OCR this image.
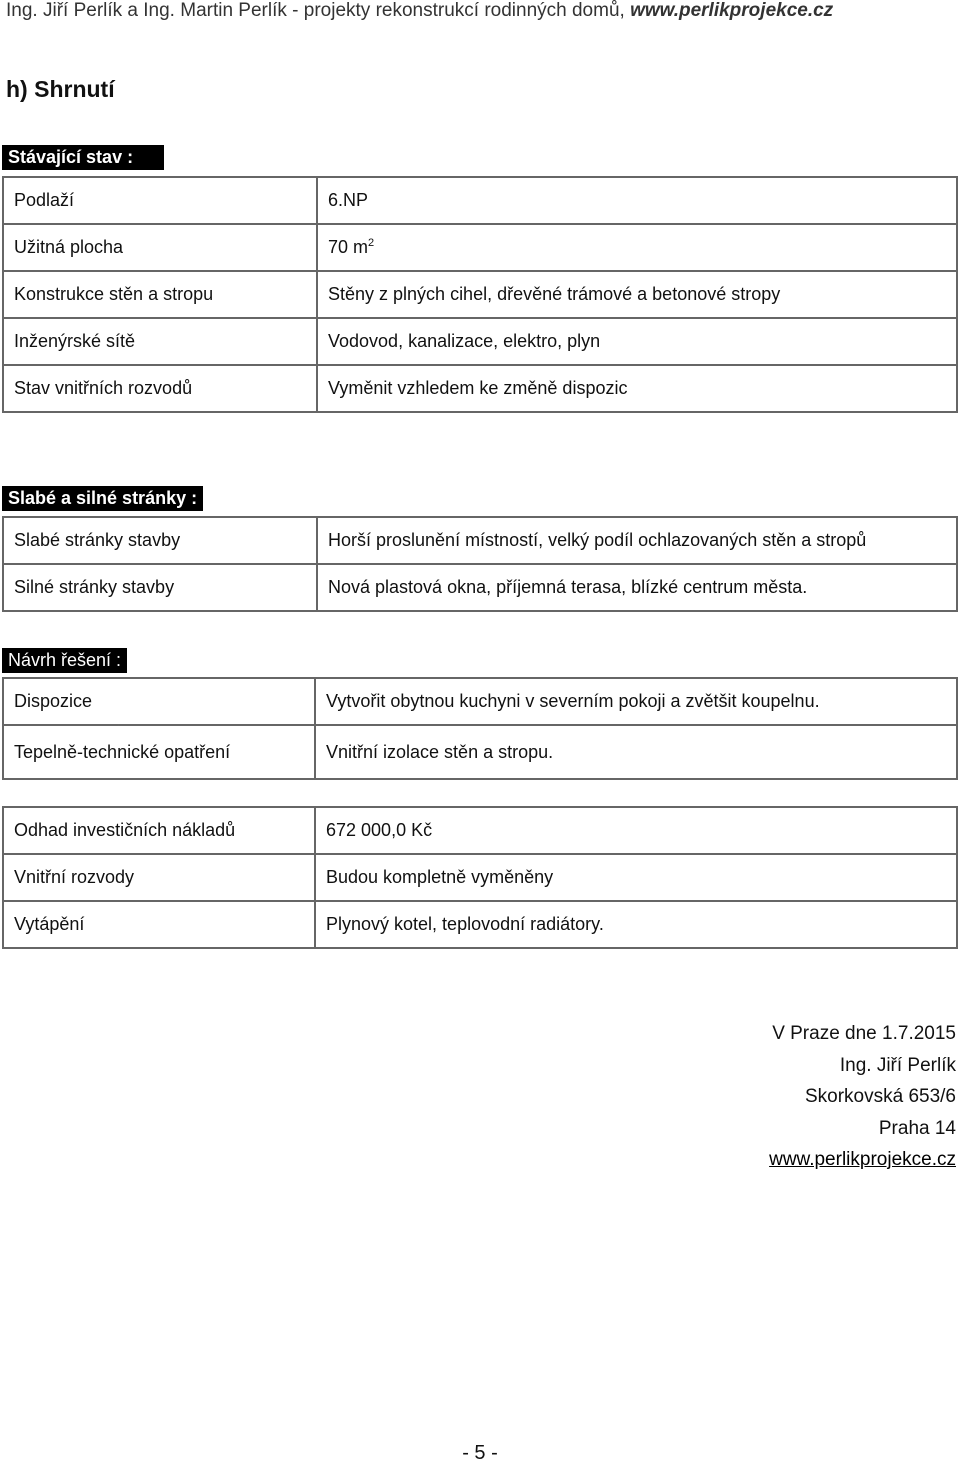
Ing. Jiří Perlík a Ing. Martin Perlík - projekty rekonstrukcí rodinných domů, www.perlikprojekce.cz
h) Shrnutí
Stávající stav :
Podlaží	6.NP
Užitná plocha	70 $m^2$
Konstrukce stěn a stropu	Stěny z plných cihel, dřevěné trámové a betonové stropy
Inženýrské sítě	Vodovod, kanalizace, elektro, plyn
Stav vnitřních rozvodů	Vyměnit vzhledem ke změně dispozic
Slabé a silné stránky :
Slabé stránky stavby	Horší proslunění místností, velký podíl ochlazovaných stěn a stropů
Silné stránky stavby	Nová plastová okna, příjemná terasa, blízké centrum města.
Návrh řešení :
Dispozice	Vytvořit obytnou kuchyni v severním pokoji a zvětšit koupelnu.
Tepelně-technické opatření	Vnitřní izolace stěn a stropu.
Odhad investičních nákladů	672 000,0 Kč
Vnitřní rozvody	Budou kompletně vyměněny
Vytápění	Plynový kotel, teplovodní radiátory.
V Praze dne 1.7.2015
Ing. Jiří Perlík
Skorkovská 653/6
Praha 14
www.perlikprojekce.cz
- 5 -
